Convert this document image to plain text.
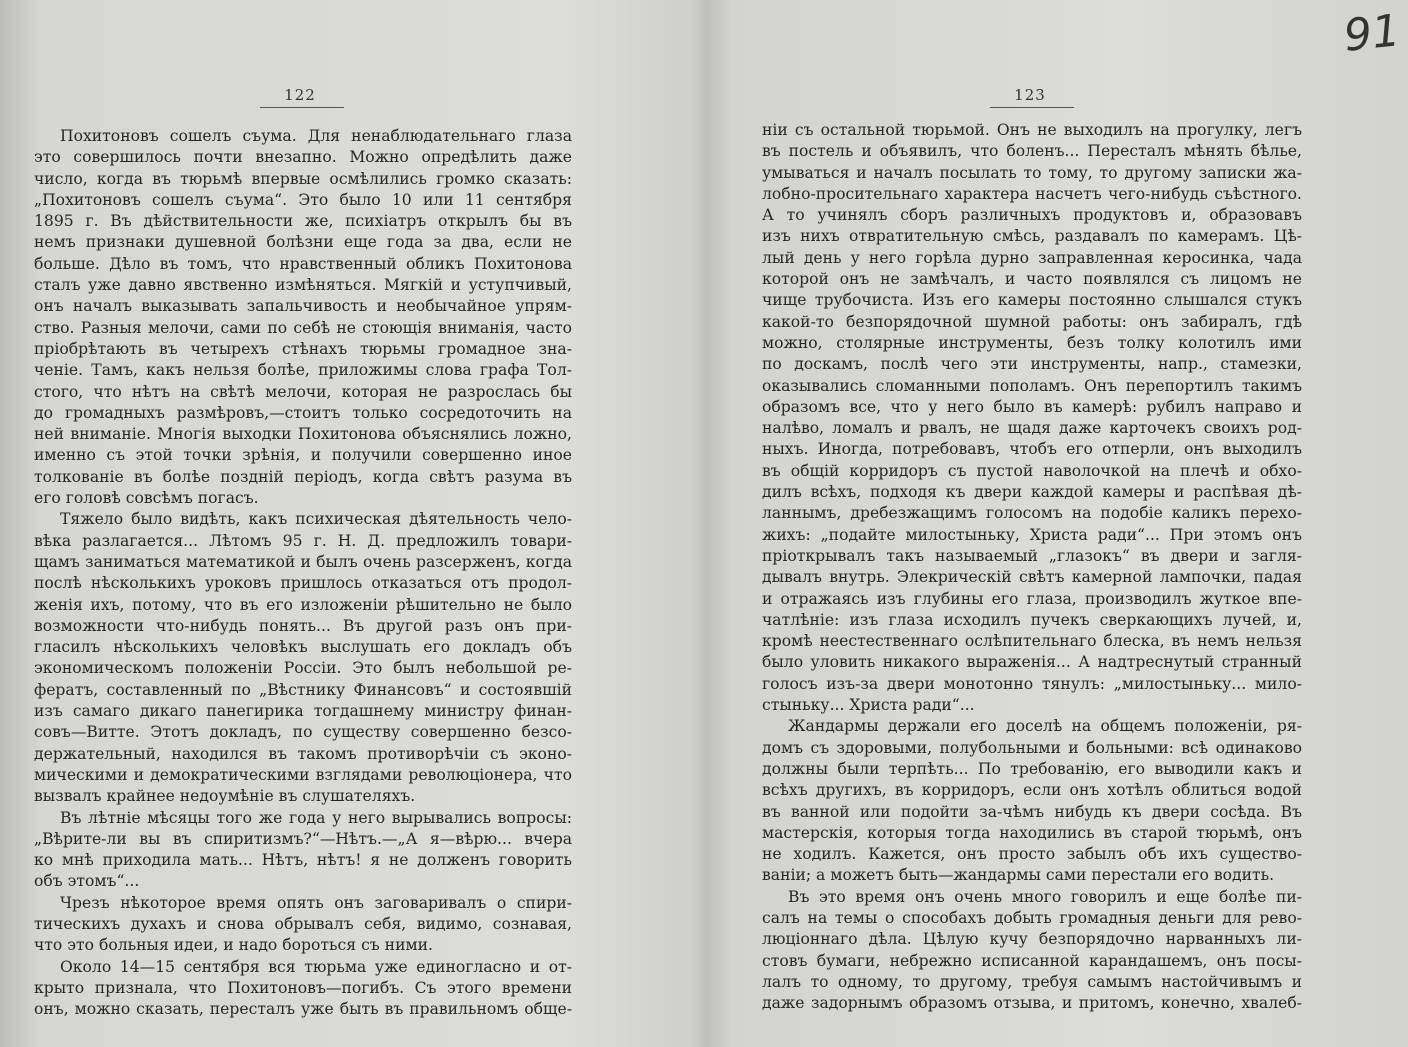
91
122
Похитоновъ сошелъ съума. Для ненаблюдательнаго глаза
это совершилось почти внезапно. Можно опредѣлить даже
число, когда въ тюрьмѣ впервые осмѣлились громко сказать:
„Похитоновъ сошелъ съума“. Это было 10 или 11 сентября
1895 г. Въ дѣйствительности же, психіатръ открылъ бы въ
немъ признаки душевной болѣзни еще года за два, если не
больше. Дѣло въ томъ, что нравственный обликъ Похитонова
сталъ уже давно явственно измѣняться. Мягкій и уступчивый,
онъ началъ выказывать запальчивость и необычайное упрям-
ство. Разныя мелочи, сами по себѣ не стоющія вниманія, часто
пріобрѣтають въ четырехъ стѣнахъ тюрьмы громадное зна-
ченіе. Тамъ, какъ нельзя болѣе, приложимы слова графа Тол-
стого, что нѣтъ на свѣтѣ мелочи, которая не разрослась бы
до громадныхъ размѣровъ,—стоитъ только сосредоточить на
ней вниманіе. Многія выходки Похитонова объяснялись ложно,
именно съ этой точки зрѣнія, и получили совершенно иное
толкованіе въ болѣе поздній періодъ, когда свѣтъ разума въ
его головѣ совсѣмъ погасъ.
Тяжело было видѣть, какъ психическая дѣятельность чело-
вѣка разлагается... Лѣтомъ 95 г. Н. Д. предложилъ товари-
щамъ заниматься математикой и былъ очень разсерженъ, когда
послѣ нѣсколькихъ уроковъ пришлось отказаться отъ продол-
женія ихъ, потому, что въ его изложеніи рѣшительно не было
возможности что-нибудь понять... Въ другой разъ онъ при-
гласилъ нѣсколькихъ человѣкъ выслушать его докладъ объ
экономическомъ положеніи Россіи. Это былъ небольшой ре-
фератъ, составленный по „Вѣстнику Финансовъ“ и состоявшій
изъ самаго дикаго панегирика тогдашнему министру финан-
совъ—Витте. Этотъ докладъ, по существу совершенно безсо-
держательный, находился въ такомъ противорѣчіи съ эконо-
мическими и демократическими взглядами революціонера, что
вызвалъ крайнее недоумѣніе въ слушателяхъ.
Въ лѣтніе мѣсяцы того же года у него вырывались вопросы:
„Вѣрите-ли вы въ спиритизмъ?“—Нѣтъ.—„А я—вѣрю... вчера
ко мнѣ приходила мать... Нѣтъ, нѣтъ! я не долженъ говорить
объ этомъ“...
Чрезъ нѣкоторое время опять онъ заговаривалъ о спири-
тическихъ духахъ и снова обрывалъ себя, видимо, сознавая,
что это больныя идеи, и надо бороться съ ними.
Около 14—15 сентября вся тюрьма уже единогласно и от-
крыто признала, что Похитоновъ—погибъ. Съ этого времени
онъ, можно сказать, пересталъ уже быть въ правильномъ обще-
123
ніи съ остальной тюрьмой. Онъ не выходилъ на прогулку, легъ
въ постель и объявилъ, что боленъ... Пересталъ мѣнять бѣлье,
умываться и началъ посылать то тому, то другому записки жа-
лобно-просительнаго характера насчетъ чего-нибудь съѣстного.
А то учинялъ сборъ различныхъ продуктовъ и, образовавъ
изъ нихъ отвратительную смѣсь, раздавалъ по камерамъ. Цѣ-
лый день у него горѣла дурно заправленная керосинка, чада
которой онъ не замѣчалъ, и часто появлялся съ лицомъ не
чище трубочиста. Изъ его камеры постоянно слышался стукъ
какой-то безпорядочной шумной работы: онъ забиралъ, гдѣ
можно, столярные инструменты, безъ толку колотилъ ими
по доскамъ, послѣ чего эти инструменты, напр., стамезки,
оказывались сломанными пополамъ. Онъ перепортилъ такимъ
образомъ все, что у него было въ камерѣ: рубилъ направо и
налѣво, ломалъ и рвалъ, не щадя даже карточекъ своихъ род-
ныхъ. Иногда, потребовавъ, чтобъ его отперли, онъ выходилъ
въ общій корридоръ съ пустой наволочкой на плечѣ и обхо-
дилъ всѣхъ, подходя къ двери каждой камеры и распѣвая дѣ-
ланнымъ, дребезжащимъ голосомъ на подобіе каликъ перехо-
жихъ: „подайте милостыньку, Христа ради“... При этомъ онъ
пріоткрывалъ такъ называемый „глазокъ“ въ двери и загля-
дывалъ внутрь. Элекрическій свѣтъ камерной лампочки, падая
и отражаясь изъ глубины его глаза, производилъ жуткое впе-
чатлѣніе: изъ глаза исходилъ пучекъ сверкающихъ лучей, и,
кромѣ неестественнаго ослѣпительнаго блеска, въ немъ нельзя
было уловить никакого выраженія... А надтреснутый странный
голосъ изъ-за двери монотонно тянулъ: „милостыньку... мило-
стыньку... Христа ради“...
Жандармы держали его доселѣ на общемъ положеніи, ря-
домъ съ здоровыми, полубольными и больными: всѣ одинаково
должны были терпѣть... По требованію, его выводили какъ и
всѣхъ другихъ, въ корридоръ, если онъ хотѣлъ облиться водой
въ ванной или подойти за-чѣмъ нибудь къ двери сосѣда. Въ
мастерскія, которыя тогда находились въ старой тюрьмѣ, онъ
не ходилъ. Кажется, онъ просто забылъ объ ихъ существо-
ваніи; а можетъ быть—жандармы сами перестали его водить.
Въ это время онъ очень много говорилъ и еще болѣе пи-
салъ на темы о способахъ добыть громадныя деньги для рево-
люціоннаго дѣла. Цѣлую кучу безпорядочно нарванныхъ ли-
стовъ бумаги, небрежно исписанной карандашемъ, онъ посы-
лалъ то одному, то другому, требуя самымъ настойчивымъ и
даже задорнымъ образомъ отзыва, и притомъ, конечно, хвалеб-
